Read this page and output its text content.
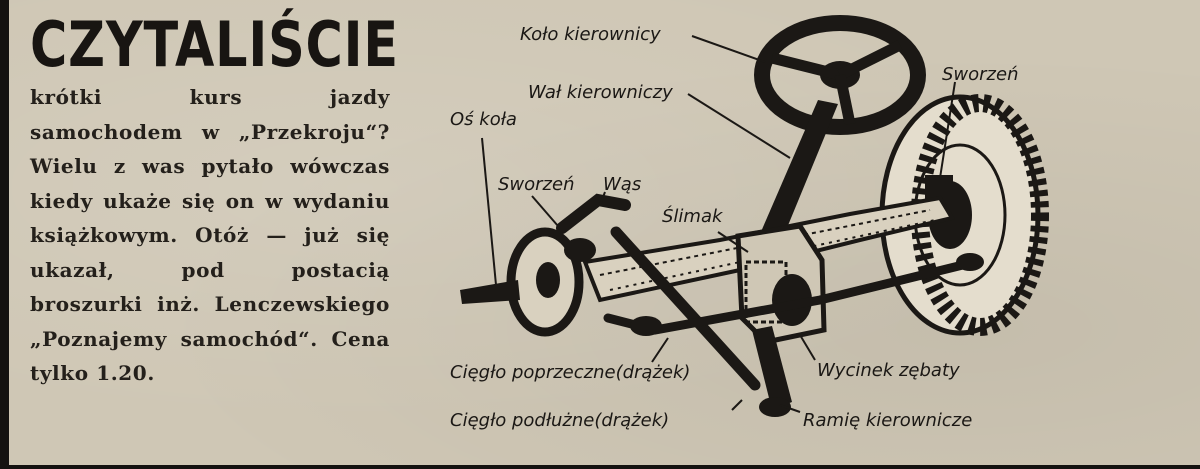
CZYTALIŚCIE

krótki kurs jazdy samochodem w „Przekroju“? Wielu z was pytało wówczas kiedy ukaże się on w wydaniu książkowym. Otóż — już się ukazał, pod postacią broszurki inż. Lenczewskiego „Poznajemy samochód“. Cena tylko 1.20.

Koło kierownicy
Wał kierowniczy
Sworzeń
Oś koła
Sworzeń Wąs
Ślimak
Cięgło poprzeczne(drążek)	Wycinek zębaty
Cięgło podłużne(drążek)	Ramię kierownicze
